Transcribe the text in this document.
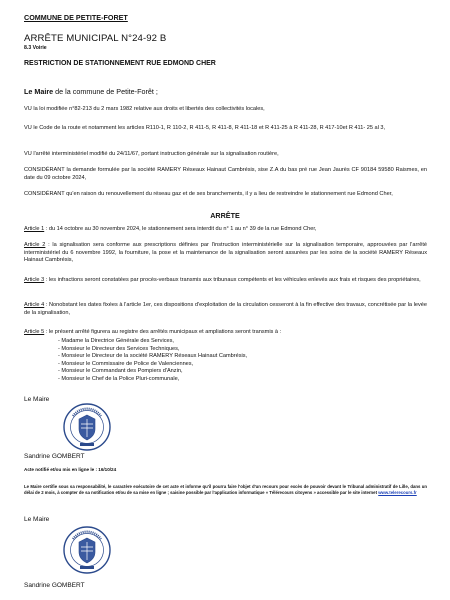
COMMUNE DE PETITE-FORET
ARRÊTE MUNICIPAL N°24-92 B
8.3 Voirie
RESTRICTION DE STATIONNEMENT RUE EDMOND CHER
Le Maire de la commune de Petite-Forêt ;
VU la loi modifiée n°82-213 du 2 mars 1982 relative aux droits et libertés des collectivités locales,
VU le Code de la route et notamment les articles R110-1, R 110-2, R 411-5, R 411-8, R 411-18 et R 411-25 à R 411-28, R 417-10et R 411- 25 al 3,
VU l'arrêté interministériel modifié du 24/11/67, portant instruction générale sur la signalisation routière,
CONSIDÉRANT la demande formulée par la société RAMERY Réseaux Hainaut Cambrésis, sise Z.A du bas pré rue Jean Jaurès CF 90184 59580 Raismes, en date du 09 octobre 2024,
CONSIDÉRANT qu'en raison du renouvellement du réseau gaz et de ses branchements, il y a lieu de restreindre le stationnement rue Edmond Cher,
ARRÊTE
Article 1 : du 14 octobre au 30 novembre 2024, le stationnement sera interdit du n° 1 au n° 39 de la rue Edmond Cher,
Article 2 : la signalisation sera conforme aux prescriptions définies par l'instruction interministérielle sur la signalisation temporaire, approuvées par l'arrêté interministériel du 6 novembre 1992, la fourniture, la pose et la maintenance de la signalisation seront assurées par les soins de la société RAMERY Réseaux Hainaut Cambrésis,
Article 3 : les infractions seront constatées par procès-verbaux transmis aux tribunaux compétents et les véhicules enlevés aux frais et risques des propriétaires,
Article 4 : Nonobstant les dates fixées à l'article 1er, ces dispositions d'exploitation de la circulation cesseront à la fin effective des travaux, concrétisée par la levée de la signalisation,
Article 5 : le présent arrêté figurera au registre des arrêtés municipaux et ampliations seront transmis à :
- Madame la Directrice Générale des Services,
- Monsieur le Directeur des Services Techniques,
- Monsieur le Directeur de la société RAMERY Réseaux Hainaut Cambrésis,
- Monsieur le Commissaire de Police de Valenciennes,
- Monsieur le Commandant des Pompiers d'Anzin,
- Monsieur le Chef de la Police Pluri-communale,
Le Maire
Sandrine GOMBERT
Acte notifié et/ou mis en ligne le : 16/10/24
Le Maire certifie sous sa responsabilité, le caractère exécutoire de cet acte et informe qu'il pourra faire l'objet d'un recours pour excès de pouvoir devant le Tribunal administratif de Lille, dans un délai de 2 mois, à compter de sa notification et/ou de sa mise en ligne ; saisine possible par l'application informatique « Télérecours citoyens » accessible par le site internet www.telerecours.fr
Le Maire
Sandrine GOMBERT
